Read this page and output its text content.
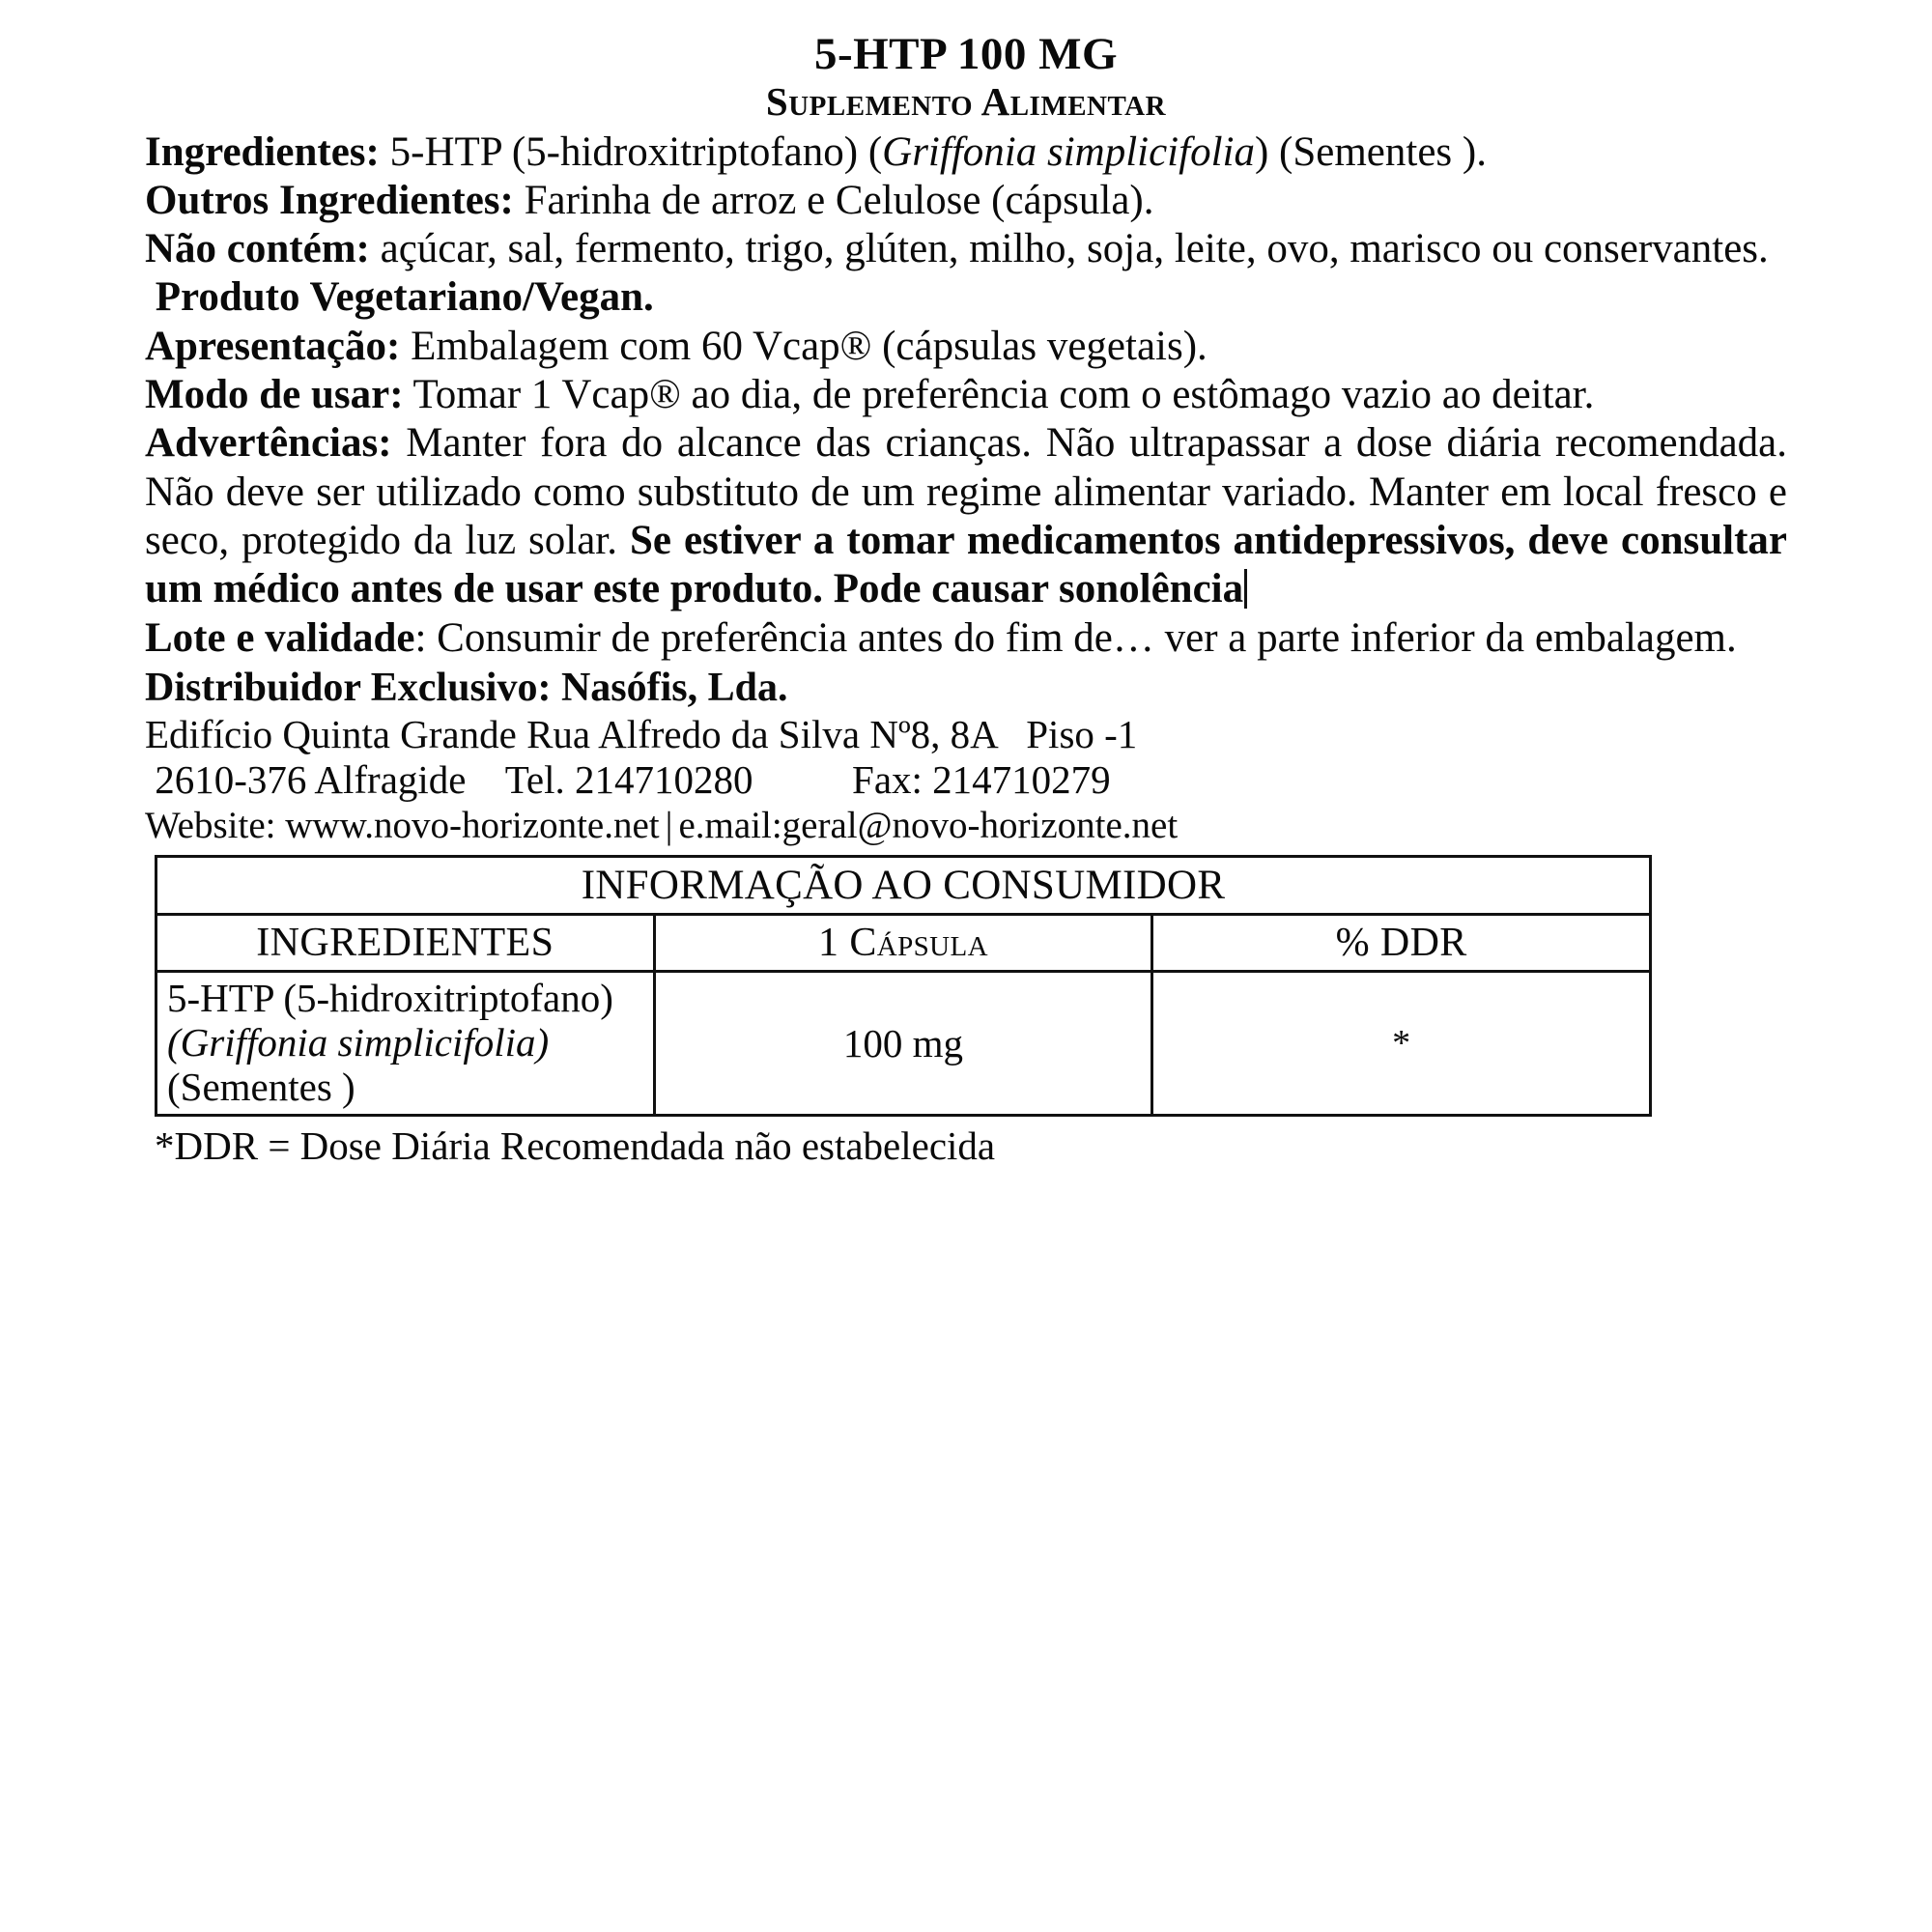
5-HTP 100 MG
Suplemento Alimentar

Ingredientes: 5-HTP (5-hidroxitriptofano) (Griffonia simplicifolia) (Sementes ).

Outros Ingredientes: Farinha de arroz e Celulose (cápsula).

Não contém: açúcar, sal, fermento, trigo, glúten, milho, soja, leite, ovo, marisco ou conservantes.

Produto Vegetariano/Vegan.

Apresentação: Embalagem com 60 Vcap® (cápsulas vegetais).

Modo de usar: Tomar 1 Vcap® ao dia, de preferência com o estômago vazio ao deitar.

Advertências: Manter fora do alcance das crianças. Não ultrapassar a dose diária recomendada. Não deve ser utilizado como substituto de um regime alimentar variado. Manter em local fresco e seco, protegido da luz solar. Se estiver a tomar medicamentos antidepressivos, deve consultar um médico antes de usar este produto. Pode causar sonolência

Lote e validade: Consumir de preferência antes do fim de… ver a parte inferior da embalagem.

Distribuidor Exclusivo: Nasófis, Lda.

Edifício Quinta Grande Rua Alfredo da Silva Nº8, 8A   Piso -1

2610-376 Alfragide Tel. 214710280	Fax: 214710279

Website: www.novo-horizonte.net | e.mail:geral@novo-horizonte.net

INFORMAÇÃO AO CONSUMIDOR		
INGREDIENTES	1 Cápsula	% DDR

5-HTP (5-hidroxitriptofano)
(Griffonia simplicifolia)
(Sementes )	100 mg	*

*DDR = Dose Diária Recomendada não estabelecida
